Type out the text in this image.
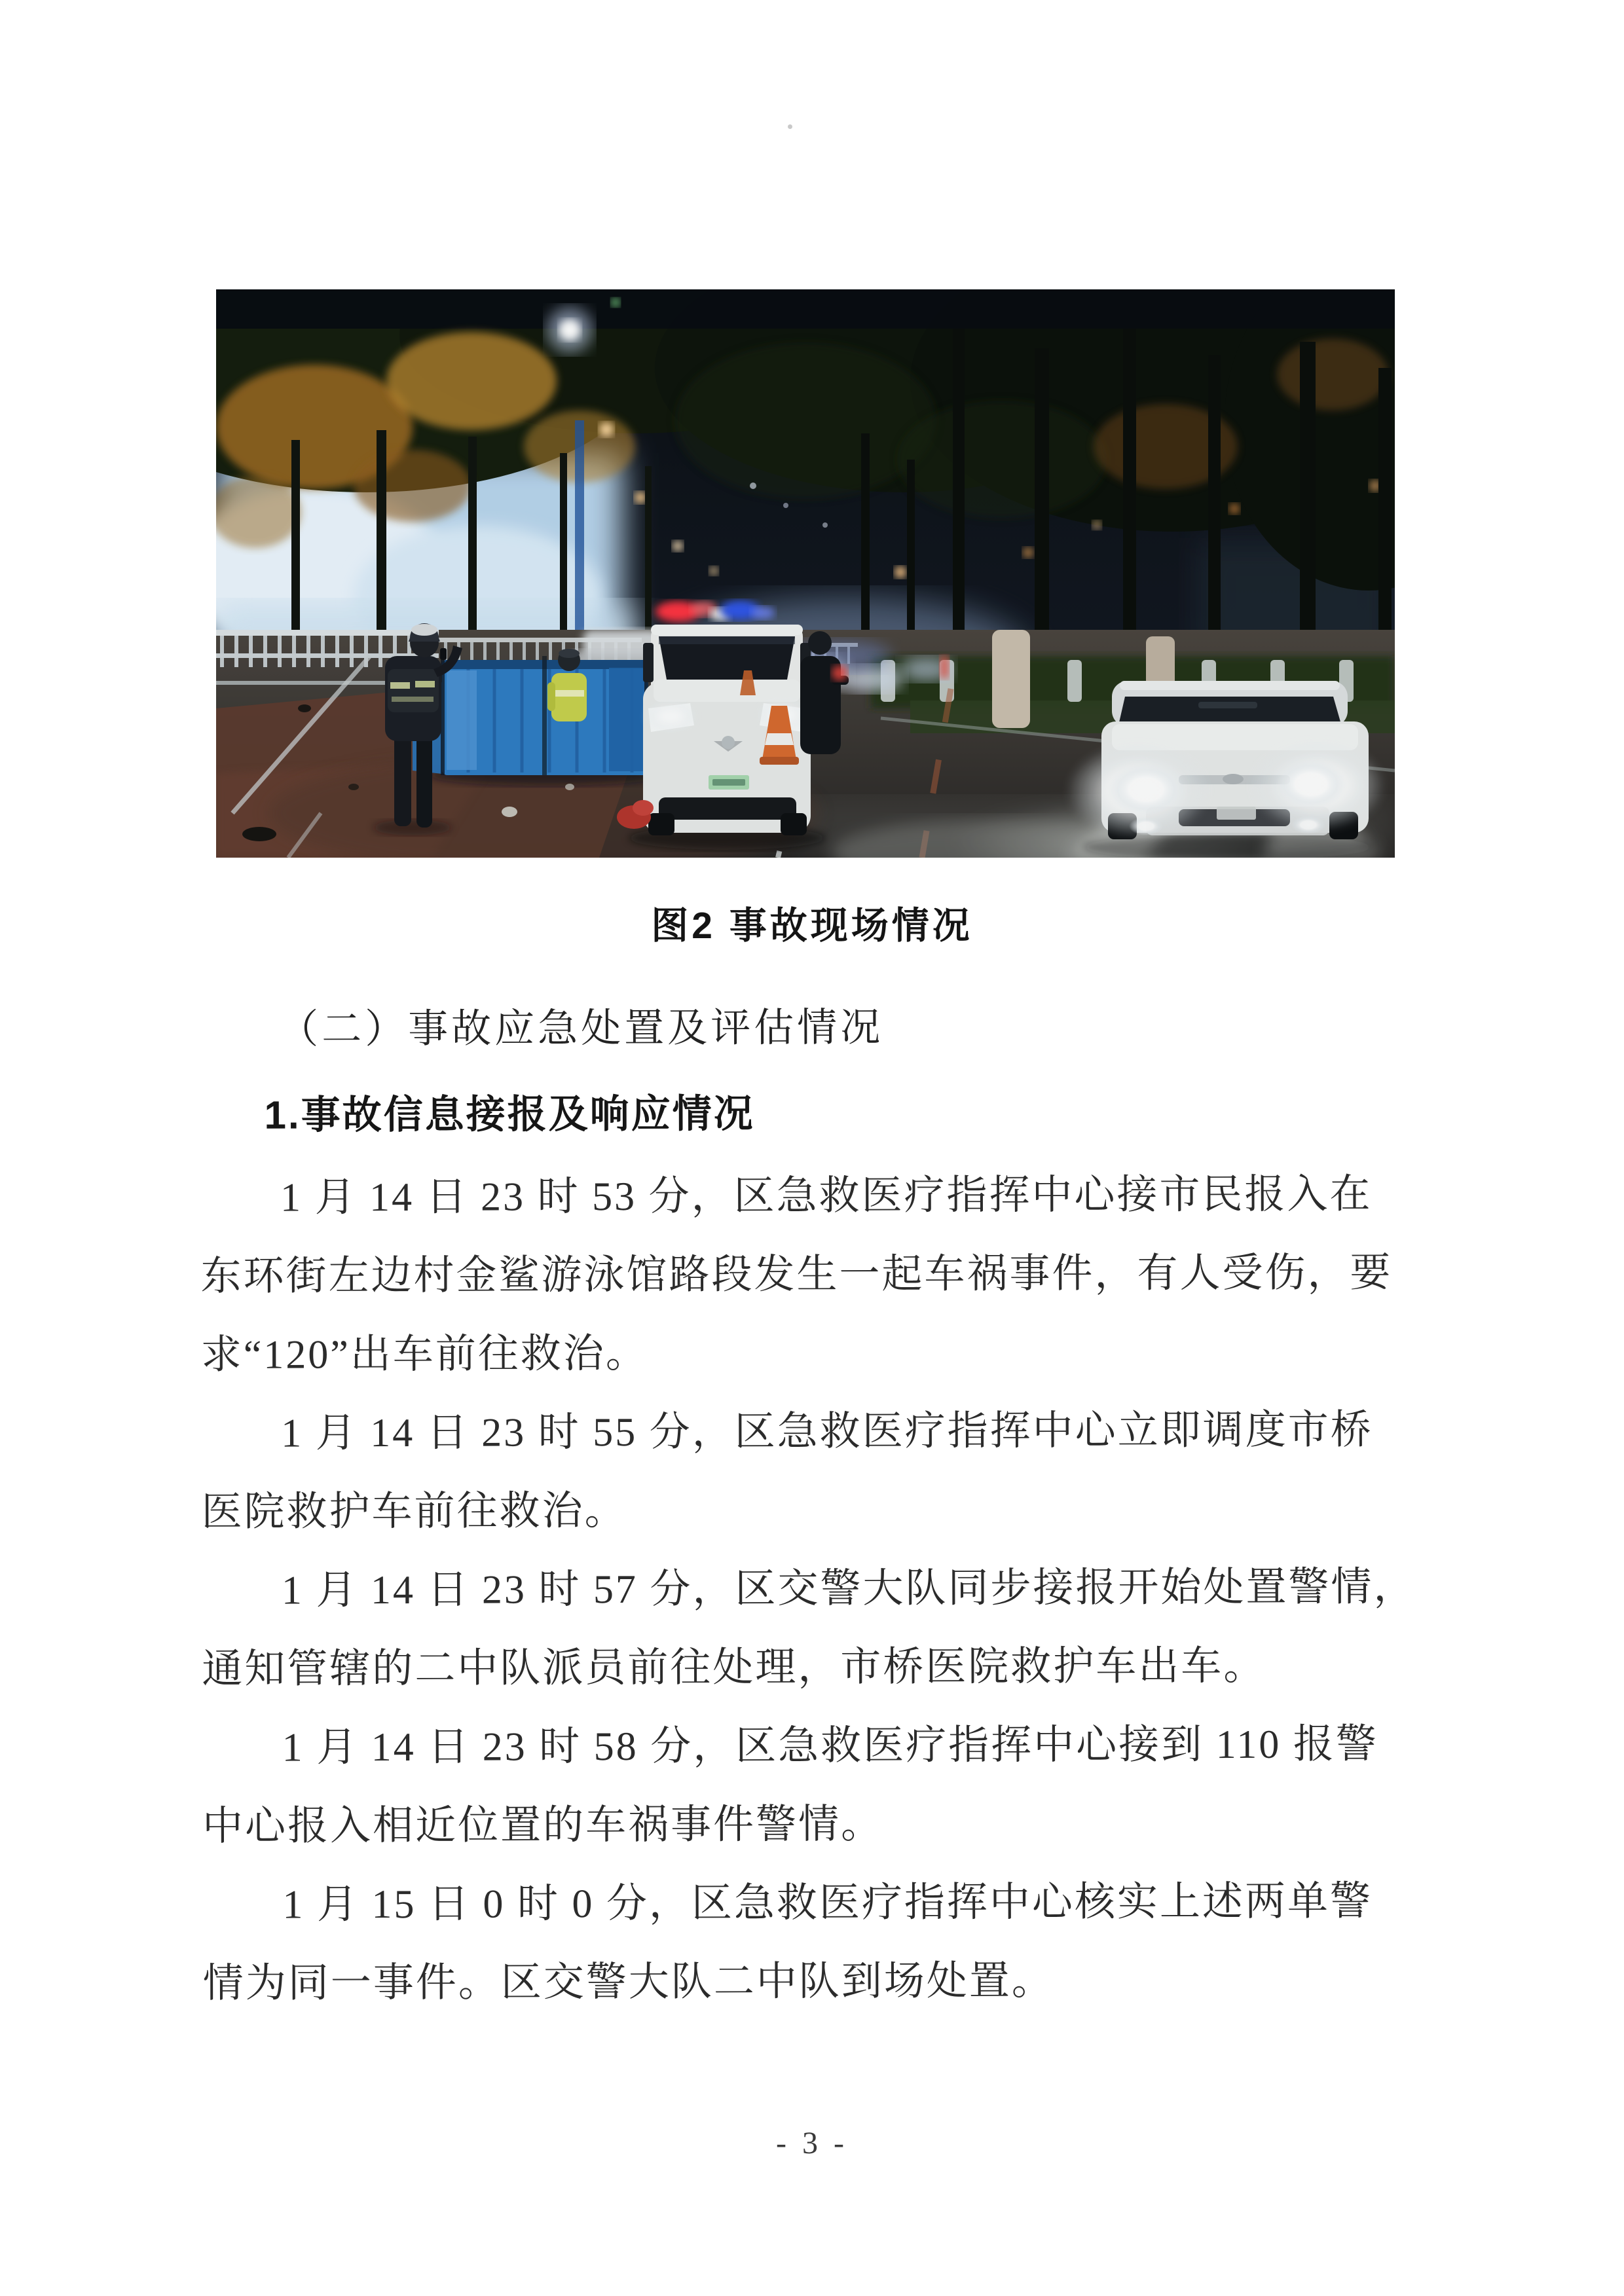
图2 事故现场情况
（二）事故应急处置及评估情况
1.事故信息接报及响应情况
1 月 14 日 23 时 53 分，区急救医疗指挥中心接市民报入在
东环街左边村金鲨游泳馆路段发生一起车祸事件，有人受伤，要
求“120”出车前往救治。
1 月 14 日 23 时 55 分，区急救医疗指挥中心立即调度市桥
医院救护车前往救治。
1 月 14 日 23 时 57 分，区交警大队同步接报开始处置警情，
通知管辖的二中队派员前往处理，市桥医院救护车出车。
1 月 14 日 23 时 58 分，区急救医疗指挥中心接到 110 报警
中心报入相近位置的车祸事件警情。
1 月 15 日 0 时 0 分，区急救医疗指挥中心核实上述两单警
情为同一事件。区交警大队二中队到场处置。
- 3 -
